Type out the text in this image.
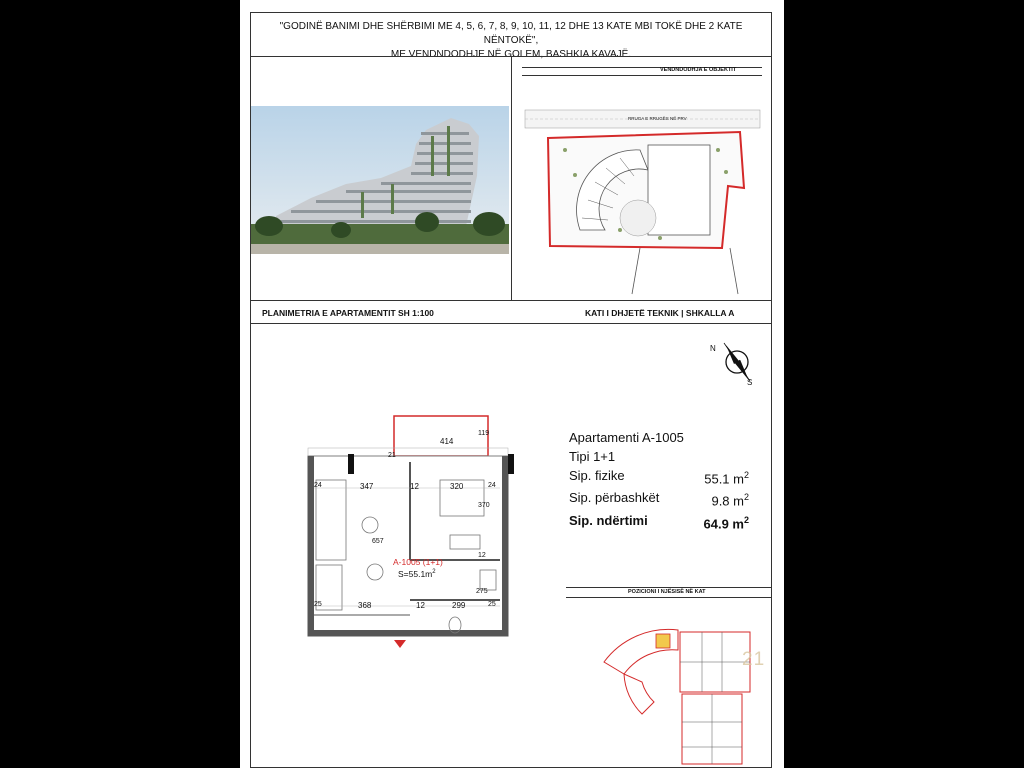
"GODINË BANIMI DHE SHËRBIMI ME 4, 5, 6, 7, 8, 9, 10, 11, 12 DHE 13 KATE MBI TOKË DHE 2 KATE NËNTOKË",
ME VENDNDODHJE NË GOLEM, BASHKIA KAVAJË.
VENDNDODHJA E OBJEKTIT
RRUGA E RRUGËS NË PRV
PLANIMETRIA E APARTAMENTIT SH 1:100	KATI I DHJETË TEKNIK | SHKALLA A
N
S
414
119
347	12	320
24	24
21
370
657
12
275
368	12	299
25	25
A-1005 (1+1)
$S=55.1m^2$
Apartamenti A-1005
Tipi 1+1
Sip. fizike	55.1 $m^2$
Sip. përbashkët	9.8 $m^2$
Sip. ndërtimi	64.9 $m^2$
POZICIONI I NJËSISË NË KAT
21
